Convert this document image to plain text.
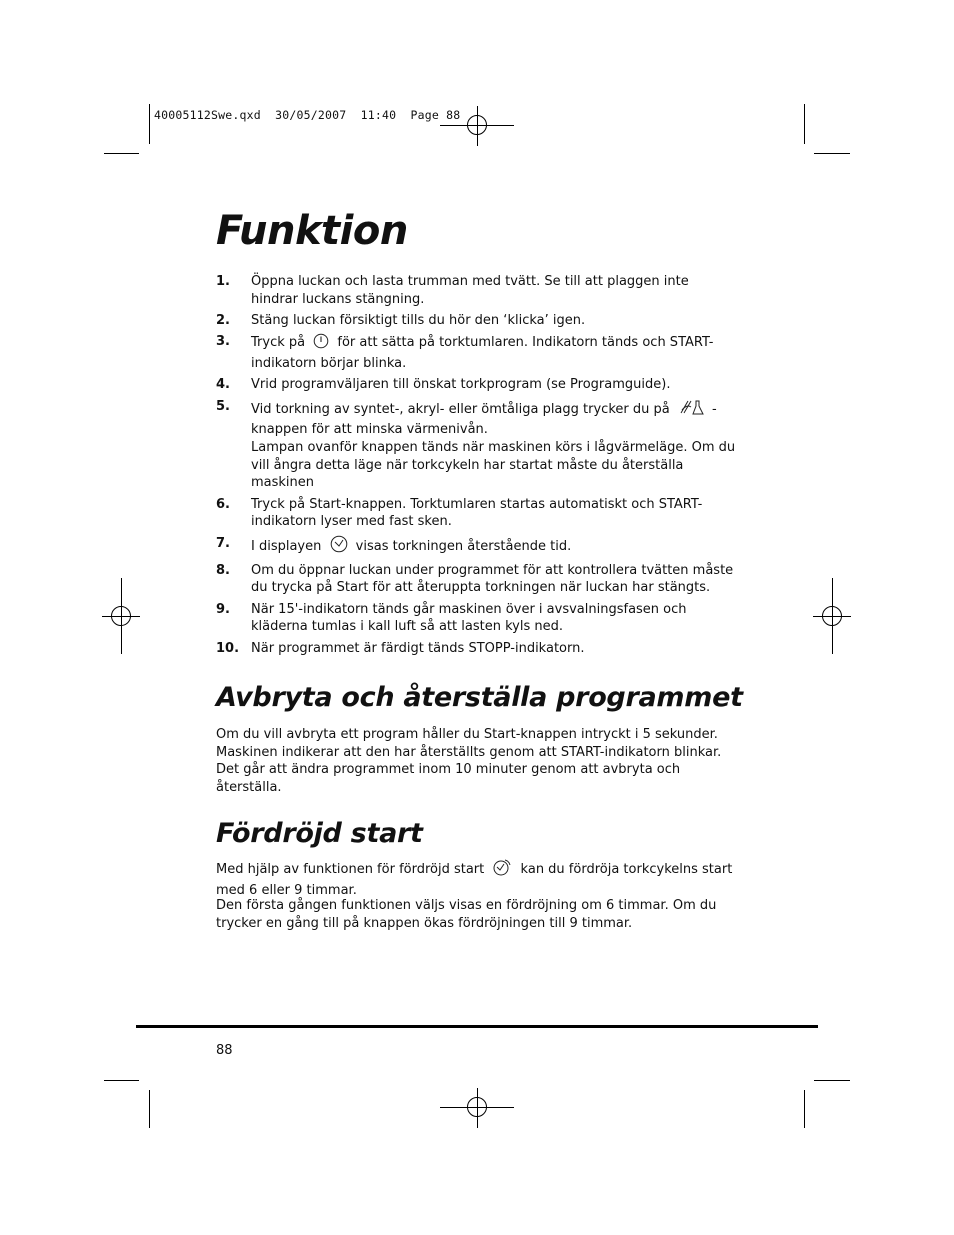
40005112Swe.qxd  30/05/2007  11:40  Page 88
Funktion
1.	Öppna luckan och lasta trumman med tvätt. Se till att plaggen inte hindrar luckans stängning.
2.	Stäng luckan försiktigt tills du hör den ‘klicka’ igen.
3.	Tryck på för att sätta på torktumlaren. Indikatorn tänds och START-indikatorn börjar blinka.
4.	Vrid programväljaren till önskat torkprogram (se Programguide).
5.	Vid torkning av syntet-, akryl- eller ömtåliga plagg trycker du på	-knappen för att minska värmenivån.
Lampan ovanför knappen tänds när maskinen körs i lågvärmeläge. Om du vill ångra detta läge när torkcykeln har startat måste du återställa maskinen
6.	Tryck på Start-knappen. Torktumlaren startas automatiskt och START-indikatorn lyser med fast sken.
7.	I displayen	visas torkningen återstående tid.
8.	Om du öppnar luckan under programmet för att kontrollera tvätten måste du trycka på Start för att återuppta torkningen när luckan har stängts.
9.	När 15'-indikatorn tänds går maskinen över i avsvalningsfasen och kläderna tumlas i kall luft så att lasten kyls ned.
10. När programmet är färdigt tänds STOPP-indikatorn.
Avbryta och återställa programmet
Om du vill avbryta ett program håller du Start-knappen intryckt i 5 sekunder. Maskinen indikerar att den har återställts genom att START-indikatorn blinkar. Det går att ändra programmet inom 10 minuter genom att avbryta och återställa.
Fördröjd start
Med hjälp av funktionen för fördröjd start	kan du fördröja torkcykelns start med 6 eller 9 timmar.
Den första gången funktionen väljs visas en fördröjning om 6 timmar. Om du trycker en gång till på knappen ökas fördröjningen till 9 timmar.
88
